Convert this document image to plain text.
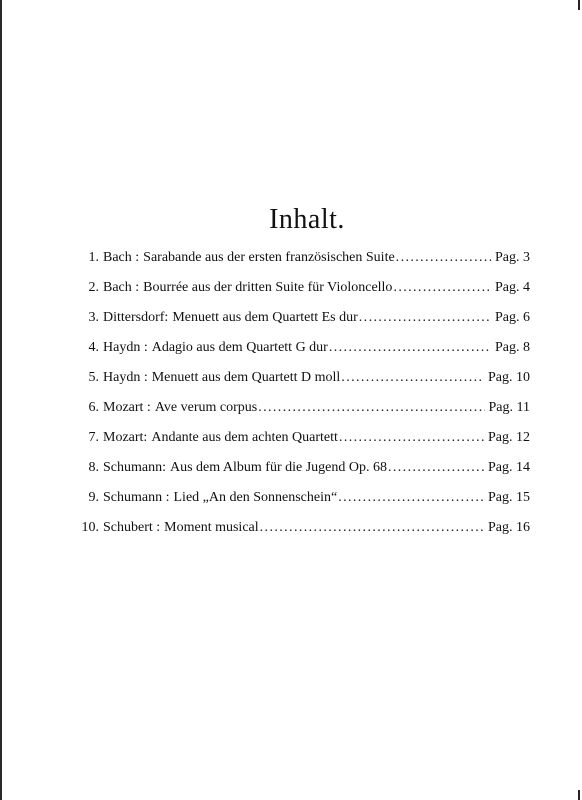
Inhalt.
1. Bach : Sarabande aus der ersten französischen Suite .....	Pag. 3
2. Bach : Bourrée aus der dritten Suite für Violoncello .....	Pag. 4
3. Dittersdorf: Menuett aus dem Quartett Es dur .....	Pag. 6
4. Haydn : Adagio aus dem Quartett G dur .....	Pag. 8
5. Haydn : Menuett aus dem Quartett D moll .....	Pag. 10
6. Mozart : Ave verum corpus .....	Pag. 11
7. Mozart: Andante aus dem achten Quartett .....	Pag. 12
8. Schumann: Aus dem Album für die Jugend Op. 68 .....	Pag. 14
9. Schumann : Lied „An den Sonnenschein“ .....	Pag. 15
10. Schubert : Moment musical .....	Pag. 16
